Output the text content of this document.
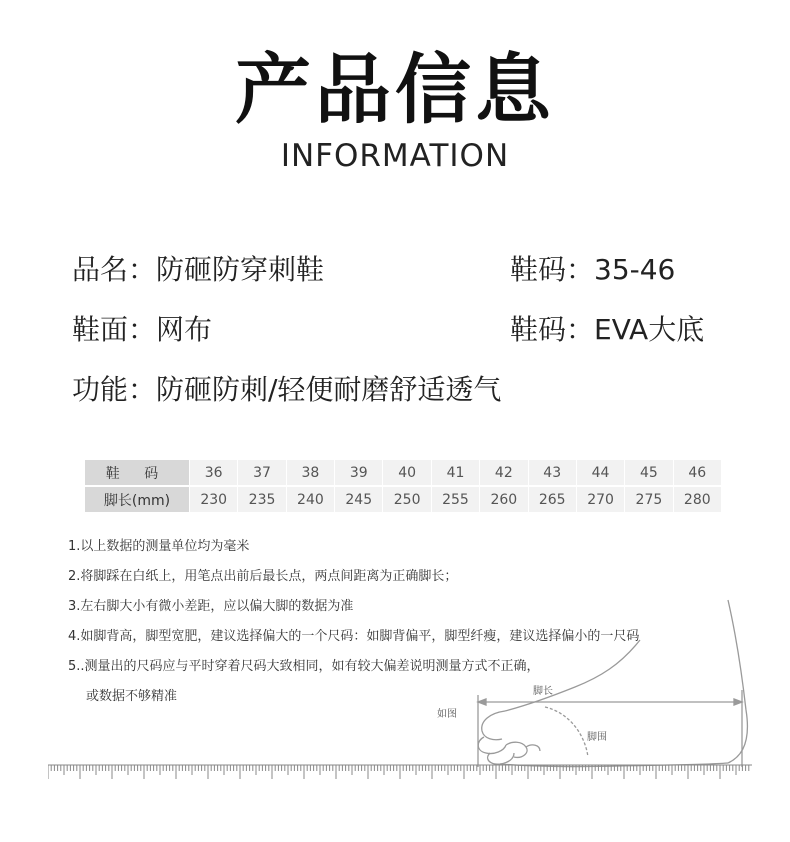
产品信息
INFORMATION
品名：防砸防穿刺鞋	鞋码：35-46
鞋面：网布	鞋码：EVA大底
功能：防砸防刺/轻便耐磨舒适透气
鞋 码	36	37	38	39	40	41	42	43	44	45	46
脚长(mm)	230	235	240	245	250	255	260	265	270	275	280
脚长
如图
脚围
1.以上数据的测量单位均为毫米
2.将脚踩在白纸上，用笔点出前后最长点，两点间距离为正确脚长；
3.左右脚大小有微小差距，应以偏大脚的数据为准
4.如脚背高，脚型宽肥，建议选择偏大的一个尺码：如脚背偏平，脚型纤瘦，建议选择偏小的一尺码
5..测量出的尺码应与平时穿着尺码大致相同，如有较大偏差说明测量方式不正确，
或数据不够精准
